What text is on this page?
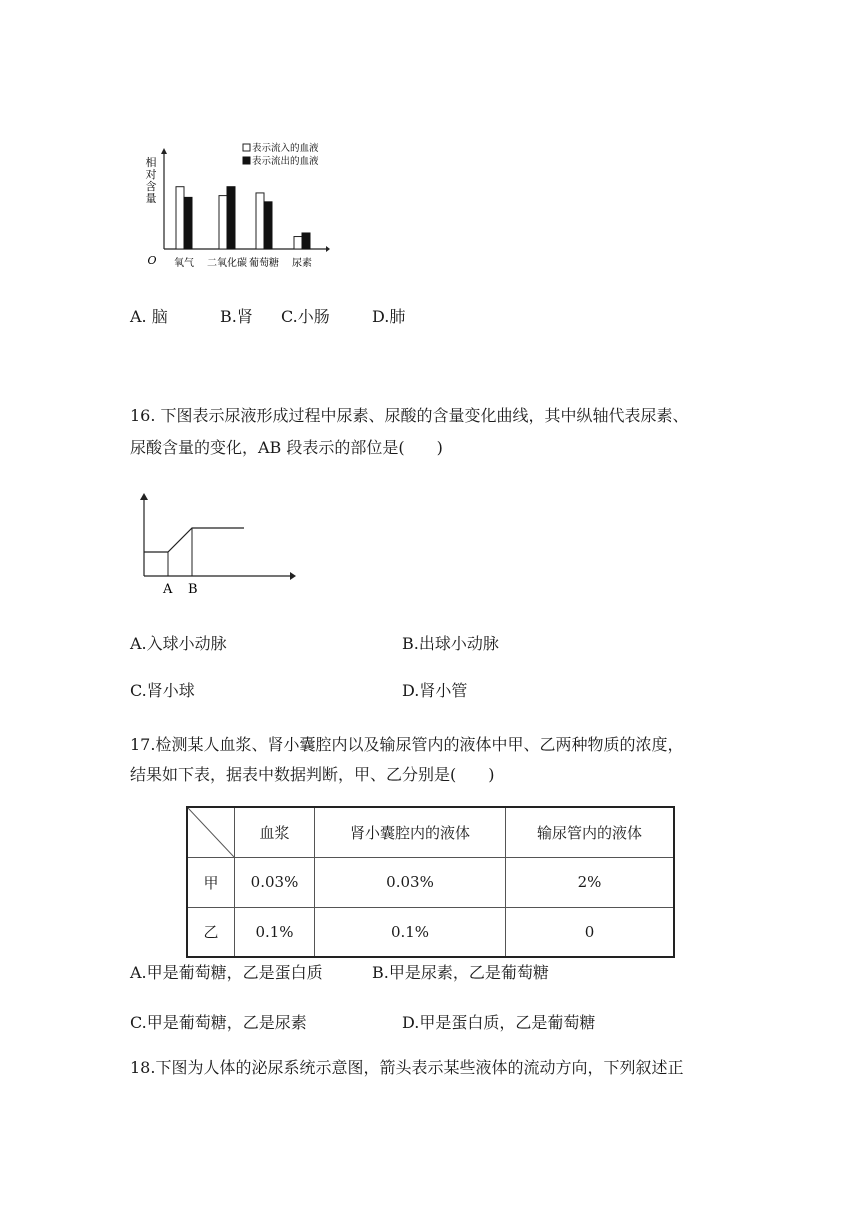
相
对
含
量
O 氧气 二氧化碳 葡萄糖 尿素
表示流入的血液
表示流出的血液
A. 脑	B.肾 C.小肠	D.肺
16. 下图表示尿液形成过程中尿素、尿酸的含量变化曲线，其中纵轴代表尿素、
尿酸含量的变化，AB 段表示的部位是(　　)
A B
A.入球小动脉	B.出球小动脉
C.肾小球	D.肾小管
17.检测某人血浆、肾小囊腔内以及输尿管内的液体中甲、乙两种物质的浓度，
结果如下表，据表中数据判断，甲、乙分别是(　　)
	血浆	肾小囊腔内的液体	输尿管内的液体
甲	0.03%	0.03%	2%
乙	0.1%	0.1%	0
A.甲是葡萄糖，乙是蛋白质	B.甲是尿素，乙是葡萄糖
C.甲是葡萄糖，乙是尿素	D.甲是蛋白质，乙是葡萄糖
18.下图为人体的泌尿系统示意图，箭头表示某些液体的流动方向，下列叙述正
